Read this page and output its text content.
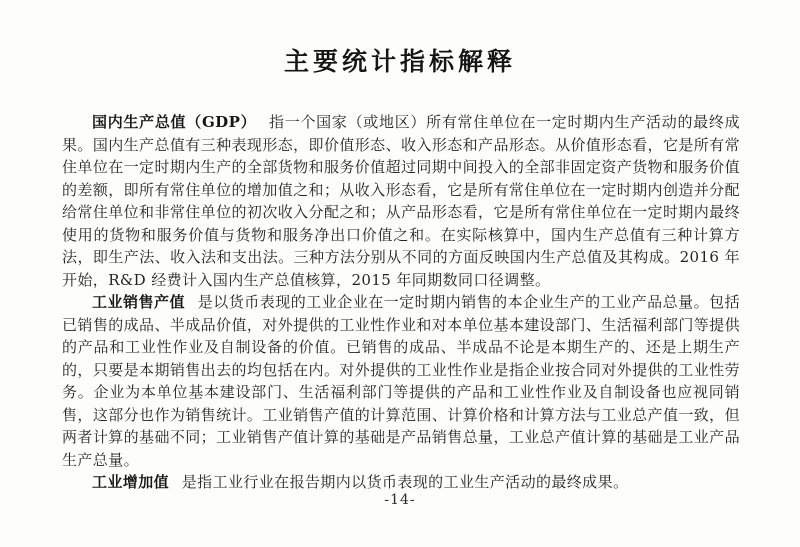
主要统计指标解释

国内生产总值（GDP） 指一个国家（或地区）所有常住单位在一定时期内生产活动的最终成果。国内生产总值有三种表现形态，即价值形态、收入形态和产品形态。从价值形态看，它是所有常住单位在一定时期内生产的全部货物和服务价值超过同期中间投入的全部非固定资产货物和服务价值的差额，即所有常住单位的增加值之和；从收入形态看，它是所有常住单位在一定时期内创造并分配给常住单位和非常住单位的初次收入分配之和；从产品形态看，它是所有常住单位在一定时期内最终使用的货物和服务价值与货物和服务净出口价值之和。在实际核算中，国内生产总值有三种计算方法，即生产法、收入法和支出法。三种方法分别从不同的方面反映国内生产总值及其构成。2016 年开始，R&D 经费计入国内生产总值核算，2015 年同期数同口径调整。

工业销售产值 是以货币表现的工业企业在一定时期内销售的本企业生产的工业产品总量。包括已销售的成品、半成品价值，对外提供的工业性作业和对本单位基本建设部门、生活福利部门等提供的产品和工业性作业及自制设备的价值。已销售的成品、半成品不论是本期生产的、还是上期生产的，只要是本期销售出去的均包括在内。对外提供的工业性作业是指企业按合同对外提供的工业性劳务。企业为本单位基本建设部门、生活福利部门等提供的产品和工业性作业及自制设备也应视同销售，这部分也作为销售统计。工业销售产值的计算范围、计算价格和计算方法与工业总产值一致，但两者计算的基础不同；工业销售产值计算的基础是产品销售总量，工业总产值计算的基础是工业产品生产总量。

工业增加值 是指工业行业在报告期内以货币表现的工业生产活动的最终成果。

-14-
